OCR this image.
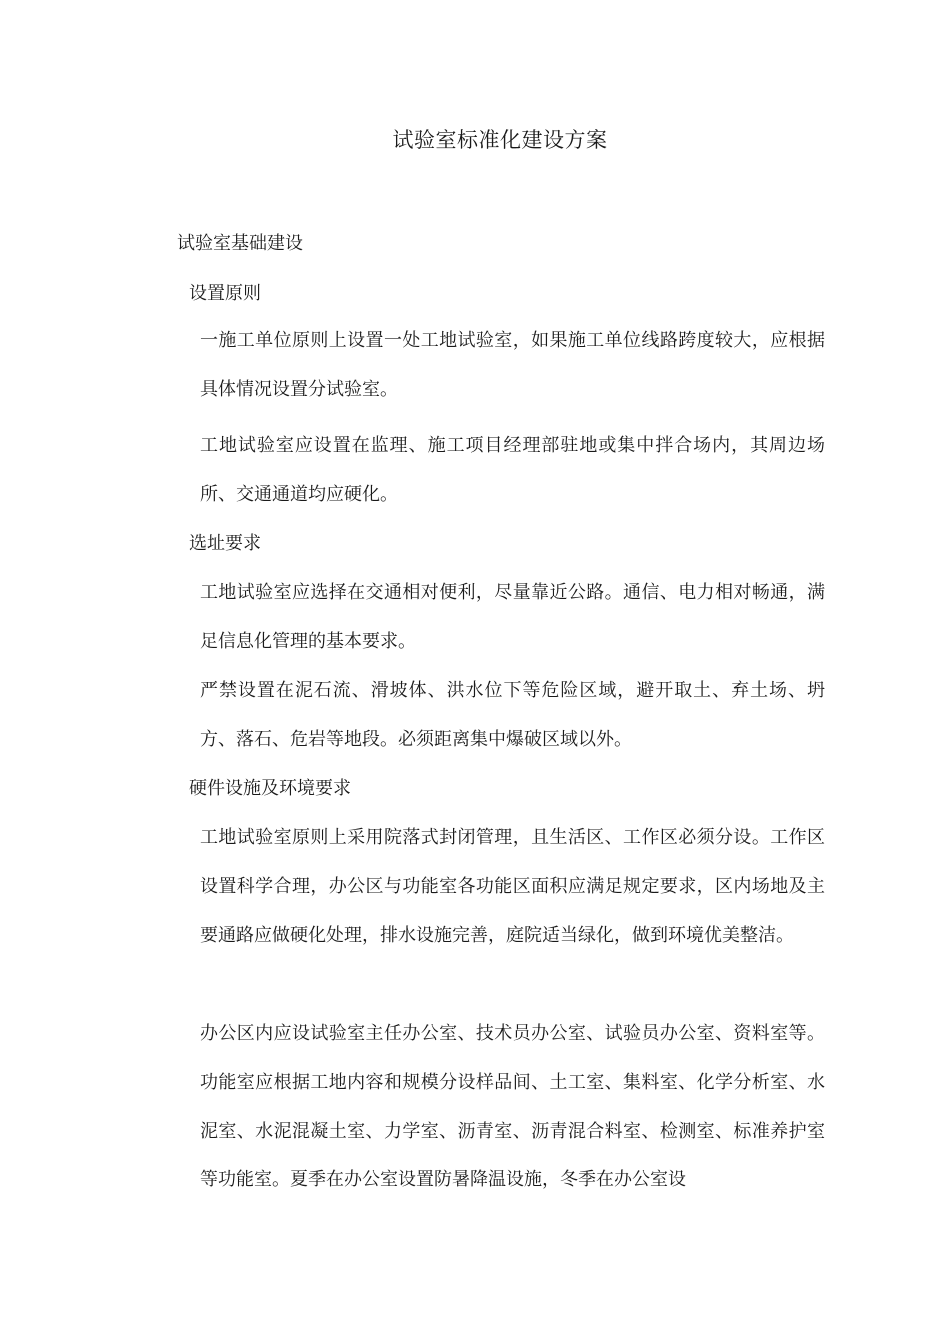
试验室标准化建设方案
试验室基础建设
设置原则

一施工单位原则上设置一处工地试验室，如果施工单位线路跨度较大，应根据具体情况设置分试验室。

工地试验室应设置在监理、施工项目经理部驻地或集中拌合场内，其周边场所、交通通道均应硬化。

选址要求

工地试验室应选择在交通相对便利，尽量靠近公路。通信、电力相对畅通，满足信息化管理的基本要求。

严禁设置在泥石流、滑坡体、洪水位下等危险区域，避开取土、弃土场、坍方、落石、危岩等地段。必须距离集中爆破区域以外。

硬件设施及环境要求

工地试验室原则上采用院落式封闭管理，且生活区、工作区必须分设。工作区设置科学合理，办公区与功能室各功能区面积应满足规定要求，区内场地及主要通路应做硬化处理，排水设施完善，庭院适当绿化，做到环境优美整洁。

办公区内应设试验室主任办公室、技术员办公室、试验员办公室、资料室等。功能室应根据工地内容和规模分设样品间、土工室、集料室、化学分析室、水泥室、水泥混凝土室、力学室、沥青室、沥青混合料室、检测室、标准养护室等功能室。夏季在办公室设置防暑降温设施，冬季在办公室设
